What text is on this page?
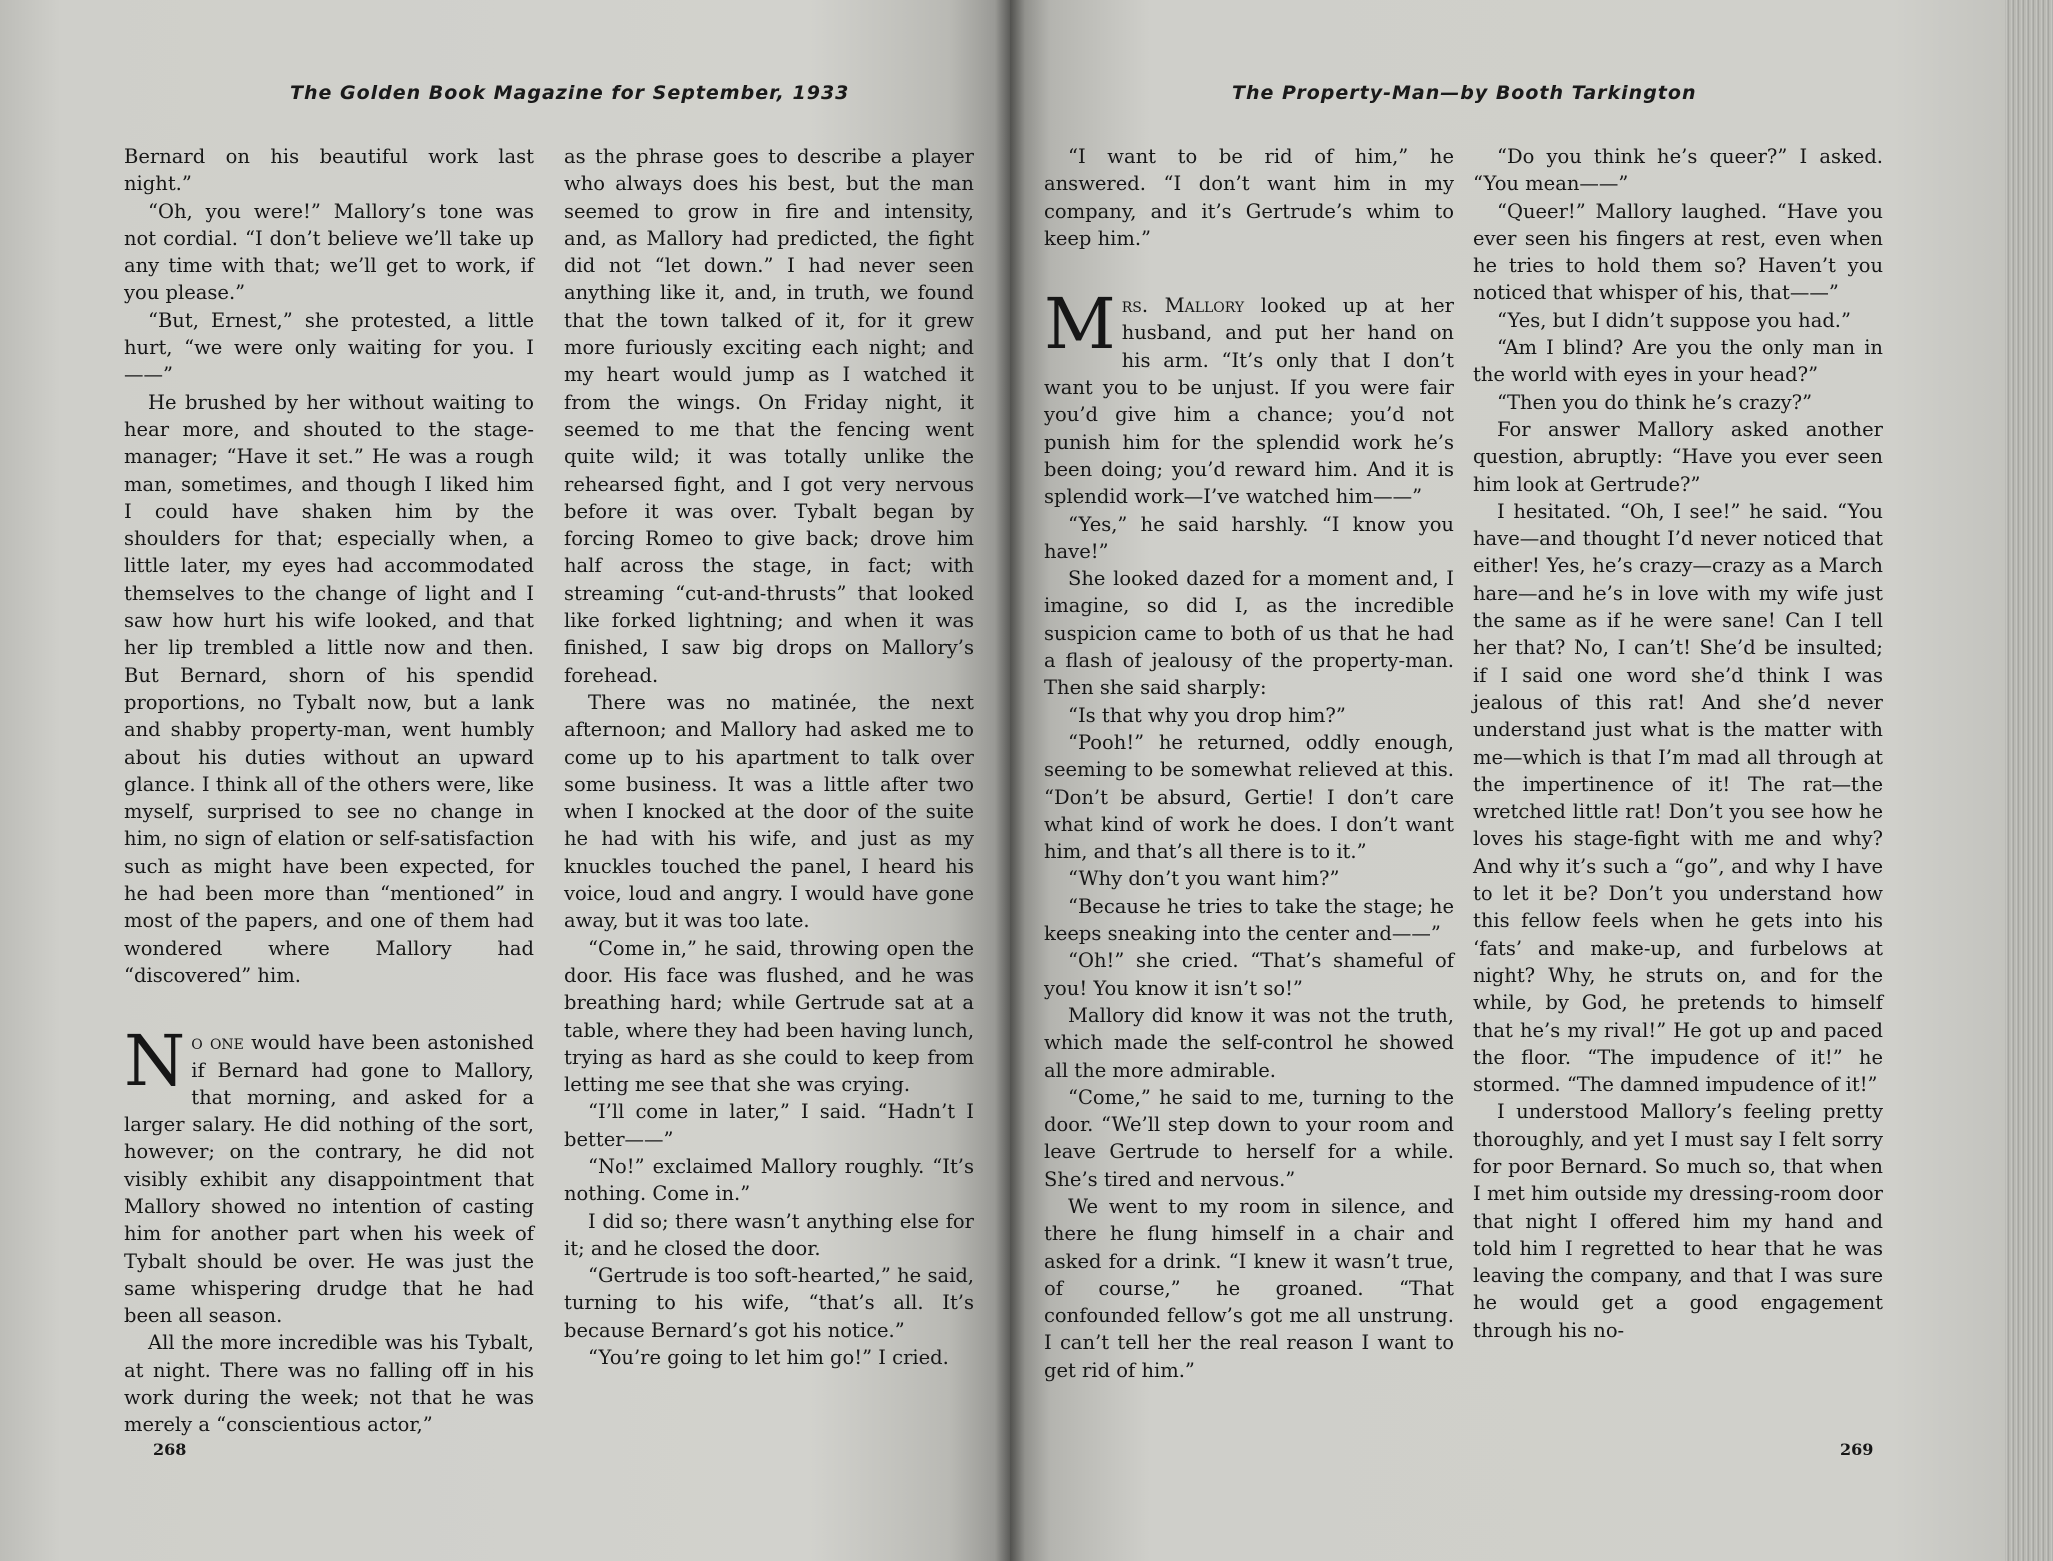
The Golden Book Magazine for September, 1933

Bernard on his beautiful work last night.”

“Oh, you were!” Mallory’s tone was not cordial. “I don’t believe we’ll take up any time with that; we’ll get to work, if you please.”

“But, Ernest,” she protested, a little hurt, “we were only waiting for you. I——”

He brushed by her without waiting to hear more, and shouted to the stage-manager; “Have it set.” He was a rough man, sometimes, and though I liked him I could have shaken him by the shoulders for that; especially when, a little later, my eyes had accommodated themselves to the change of light and I saw how hurt his wife looked, and that her lip trembled a little now and then. But Bernard, shorn of his spendid proportions, no Tybalt now, but a lank and shabby property-man, went humbly about his duties without an upward glance. I think all of the others were, like myself, surprised to see no change in him, no sign of elation or self-satisfaction such as might have been expected, for he had been more than “mentioned” in most of the papers, and one of them had wondered where Mallory had “discovered” him.

No one would have been astonished if Bernard had gone to Mallory, that morning, and asked for a larger salary. He did nothing of the sort, however; on the contrary, he did not visibly exhibit any disappointment that Mallory showed no intention of casting him for another part when his week of Tybalt should be over. He was just the same whispering drudge that he had been all season.

All the more incredible was his Tybalt, at night. There was no falling off in his work during the week; not that he was merely a “conscientious actor,”

as the phrase goes to describe a player who always does his best, but the man seemed to grow in fire and intensity, and, as Mallory had predicted, the fight did not “let down.” I had never seen anything like it, and, in truth, we found that the town talked of it, for it grew more furiously exciting each night; and my heart would jump as I watched it from the wings. On Friday night, it seemed to me that the fencing went quite wild; it was totally unlike the rehearsed fight, and I got very nervous before it was over. Tybalt began by forcing Romeo to give back; drove him half across the stage, in fact; with streaming “cut-and-thrusts” that looked like forked lightning; and when it was finished, I saw big drops on Mallory’s forehead.

There was no matinée, the next afternoon; and Mallory had asked me to come up to his apartment to talk over some business. It was a little after two when I knocked at the door of the suite he had with his wife, and just as my knuckles touched the panel, I heard his voice, loud and angry. I would have gone away, but it was too late.

“Come in,” he said, throwing open the door. His face was flushed, and he was breathing hard; while Gertrude sat at a table, where they had been having lunch, trying as hard as she could to keep from letting me see that she was crying.

“I’ll come in later,” I said. “Hadn’t I better——”

“No!” exclaimed Mallory roughly. “It’s nothing. Come in.”

I did so; there wasn’t anything else for it; and he closed the door.

“Gertrude is too soft-hearted,” he said, turning to his wife, “that’s all. It’s because Bernard’s got his notice.”

“You’re going to let him go!” I cried.

268
The Property-Man—by Booth Tarkington

“I want to be rid of him,” he answered. “I don’t want him in my company, and it’s Gertrude’s whim to keep him.”

Mrs. Mallory looked up at her husband, and put her hand on his arm. “It’s only that I don’t want you to be unjust. If you were fair you’d give him a chance; you’d not punish him for the splendid work he’s been doing; you’d reward him. And it is splendid work—I’ve watched him——”

“Yes,” he said harshly. “I know you have!”

She looked dazed for a moment and, I imagine, so did I, as the incredible suspicion came to both of us that he had a flash of jealousy of the property-man. Then she said sharply:

“Is that why you drop him?”

“Pooh!” he returned, oddly enough, seeming to be somewhat relieved at this. “Don’t be absurd, Gertie! I don’t care what kind of work he does. I don’t want him, and that’s all there is to it.”

“Why don’t you want him?”

“Because he tries to take the stage; he keeps sneaking into the center and——”

“Oh!” she cried. “That’s shameful of you! You know it isn’t so!”

Mallory did know it was not the truth, which made the self-control he showed all the more admirable.

“Come,” he said to me, turning to the door. “We’ll step down to your room and leave Gertrude to herself for a while. She’s tired and nervous.”

We went to my room in silence, and there he flung himself in a chair and asked for a drink. “I knew it wasn’t true, of course,” he groaned. “That confounded fellow’s got me all unstrung. I can’t tell her the real reason I want to get rid of him.”

“Do you think he’s queer?” I asked. “You mean——”

“Queer!” Mallory laughed. “Have you ever seen his fingers at rest, even when he tries to hold them so? Haven’t you noticed that whisper of his, that——”

“Yes, but I didn’t suppose you had.”

“Am I blind? Are you the only man in the world with eyes in your head?”

“Then you do think he’s crazy?”

For answer Mallory asked another question, abruptly: “Have you ever seen him look at Gertrude?”

I hesitated. “Oh, I see!” he said. “You have—and thought I’d never noticed that either! Yes, he’s crazy—crazy as a March hare—and he’s in love with my wife just the same as if he were sane! Can I tell her that? No, I can’t! She’d be insulted; if I said one word she’d think I was jealous of this rat! And she’d never understand just what is the matter with me—which is that I’m mad all through at the impertinence of it! The rat—the wretched little rat! Don’t you see how he loves his stage-fight with me and why? And why it’s such a “go”, and why I have to let it be? Don’t you understand how this fellow feels when he gets into his ‘fats’ and make-up, and furbelows at night? Why, he struts on, and for the while, by God, he pretends to himself that he’s my rival!” He got up and paced the floor. “The impudence of it!” he stormed. “The damned impudence of it!”

I understood Mallory’s feeling pretty thoroughly, and yet I must say I felt sorry for poor Bernard. So much so, that when I met him outside my dressing-room door that night I offered him my hand and told him I regretted to hear that he was leaving the company, and that I was sure he would get a good engagement through his no-

269
